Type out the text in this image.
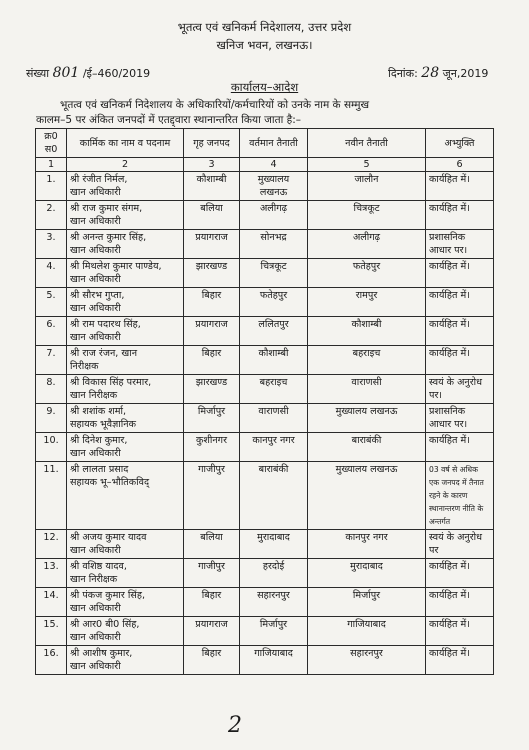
भूतत्व एवं खनिकर्म निदेशालय, उत्तर प्रदेश
खनिज भवन, लखनऊ।
संख्या 801 /ई–460/2019	दिनांक: 28 जून,2019
कार्यालय–आदेश
भूतत्व एवं खनिकर्म निदेशालय के अधिकारियों/कर्मचारियों को उनके नाम के सम्मुख
कालम–5 पर अंकित जनपदों में एतद्द्वारा स्थानान्तरित किया जाता है:–
क्र0 स0	कार्मिक का नाम व पदनाम	गृह जनपद	वर्तमान तैनाती	नवीन तैनाती	अभ्युक्ति
1	2	3	4	5	6
1.	श्री रंजीत निर्मल,
खान अधिकारी	कौशाम्बी	मुख्यालय लखनऊ	जालौन	कार्यहित में।
2.	श्री राज कुमार संगम,
खान अधिकारी	बलिया	अलीगढ़	चित्रकूट	कार्यहित में।
3.	श्री अनन्त कुमार सिंह,
खान अधिकारी	प्रयागराज	सोनभद्र	अलीगढ़	प्रशासनिक आधार पर।
4.	श्री मिथलेश कुमार पाण्डेय,
खान अधिकारी	झारखण्ड	चित्रकूट	फतेहपुर	कार्यहित में।
5.	श्री सौरभ गुप्ता,
खान अधिकारी	बिहार	फतेहपुर	रामपुर	कार्यहित में।
6.	श्री राम पदारथ सिंह,
खान अधिकारी	प्रयागराज	ललितपुर	कौशाम्बी	कार्यहित में।
7.	श्री राज रंजन, खान
निरीक्षक	बिहार	कौशाम्बी	बहराइच	कार्यहित में।
8.	श्री विकास सिंह परमार,
खान निरीक्षक	झारखण्ड	बहराइच	वाराणसी	स्वयं के अनुरोध पर।
9.	श्री शशांक शर्मा,
सहायक भूवैज्ञानिक	मिर्जापुर	वाराणसी	मुख्यालय लखनऊ	प्रशासनिक आधार पर।
10.	श्री दिनेश कुमार,
खान अधिकारी	कुशीनगर	कानपुर नगर	बाराबंकी	कार्यहित में।
11.	श्री लालता प्रसाद
सहायक भू–भौतिकविद्	गाजीपुर	बाराबंकी	मुख्यालय लखनऊ	03 वर्ष से अधिक एक जनपद में तैनात रहने के कारण स्थानान्तरण नीति के अन्तर्गत
12.	श्री अजय कुमार यादव
खान अधिकारी	बलिया	मुरादाबाद	कानपुर नगर	स्वयं के अनुरोध पर
13.	श्री वशिष्ठ यादव,
खान निरीक्षक	गाजीपुर	हरदोई	मुरादाबाद	कार्यहित में।
14.	श्री पंकज कुमार सिंह,
खान अधिकारी	बिहार	सहारनपुर	मिर्जापुर	कार्यहित में।
15.	श्री आर0 बी0 सिंह,
खान अधिकारी	प्रयागराज	मिर्जापुर	गाजियाबाद	कार्यहित में।
16.	श्री आशीष कुमार,
खान अधिकारी	बिहार	गाजियाबाद	सहारनपुर	कार्यहित में।
2
